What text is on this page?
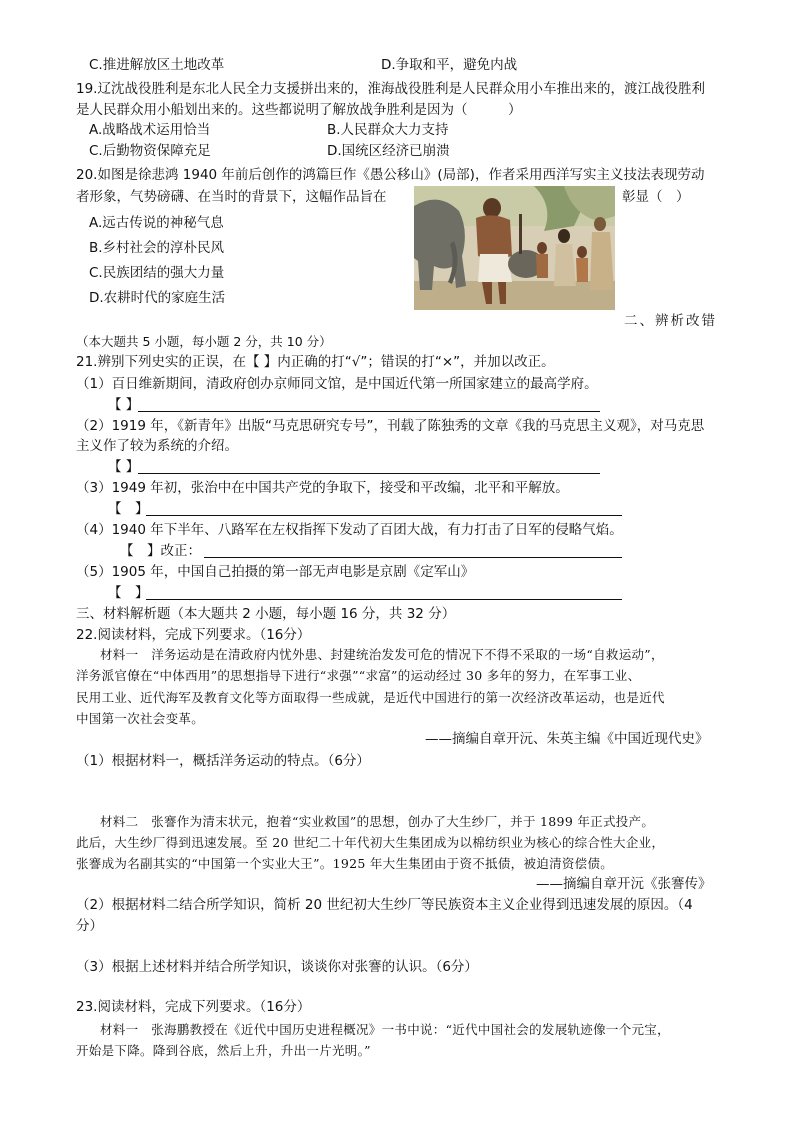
C.推进解放区土地改革	D.争取和平，避免内战
19.辽沈战役胜利是东北人民全力支援拼出来的，淮海战役胜利是人民群众用小车推出来的，渡江战役胜利
是人民群众用小船划出来的。这些都说明了解放战争胜利是因为（　　　）
A.战略战术运用恰当	B.人民群众大力支持
C.后勤物资保障充足	D.国统区经济已崩溃
20.如图是徐悲鸿 1940 年前后创作的鸿篇巨作《愚公移山》(局部)，作者采用西洋写实主义技法表现劳动
者形象，气势磅礴、在当时的背景下，这幅作品旨在	彰显（　）
A.远古传说的神秘气息
B.乡村社会的淳朴民风
C.民族团结的强大力量
D.农耕时代的家庭生活
二、辨析改错
（本大题共 5 小题，每小题 2 分，共 10 分）
21.辨别下列史实的正误，在【 】内正确的打“√”；错误的打“×”，并加以改正。
（1）百日维新期间，清政府创办京师同文馆，是中国近代第一所国家建立的最高学府。
【 】
（2）1919 年，《新青年》出版“马克思研究专号”，刊载了陈独秀的文章《我的马克思主义观》，对马克思
主义作了较为系统的介绍。
【 】
（3）1949 年初，张治中在中国共产党的争取下，接受和平改编，北平和平解放。
【　】
（4）1940 年下半年、八路军在左权指挥下发动了百团大战，有力打击了日军的侵略气焰。
【　】改正：
（5）1905 年，中国自己拍摄的第一部无声电影是京剧《定军山》
【　】
三、材料解析题（本大题共 2 小题，每小题 16 分，共 32 分）
22.阅读材料，完成下列要求。（16分）
材料一　洋务运动是在清政府内忧外患、封建统治发发可危的情况下不得不采取的一场“自救运动”，
洋务派官僚在“中体西用”的思想指导下进行“求强”“求富”的运动经过 30 多年的努力，在军事工业、
民用工业、近代海军及教育文化等方面取得一些成就，是近代中国进行的第一次经济改革运动，也是近代
中国第一次社会变革。
——摘编自章开沅、朱英主编《中国近现代史》
（1）根据材料一，概括洋务运动的特点。（6分）
材料二　张謇作为清末状元，抱着“实业救国”的思想，创办了大生纱厂，并于 1899 年正式投产。
此后，大生纱厂得到迅速发展。至 20 世纪二十年代初大生集团成为以棉纺织业为核心的综合性大企业，
张謇成为名副其实的“中国第一个实业大王”。1925 年大生集团由于资不抵债，被迫清资偿债。
——摘编自章开沅《张謇传》
（2）根据材料二结合所学知识，简析 20 世纪初大生纱厂等民族资本主义企业得到迅速发展的原因。（4
分）
（3）根据上述材料并结合所学知识，谈谈你对张謇的认识。（6分）
23.阅读材料，完成下列要求。（16分）
材料一　张海鹏教授在《近代中国历史进程概况》一书中说：“近代中国社会的发展轨迹像一个元宝，
开始是下降。降到谷底，然后上升，升出一片光明。”
